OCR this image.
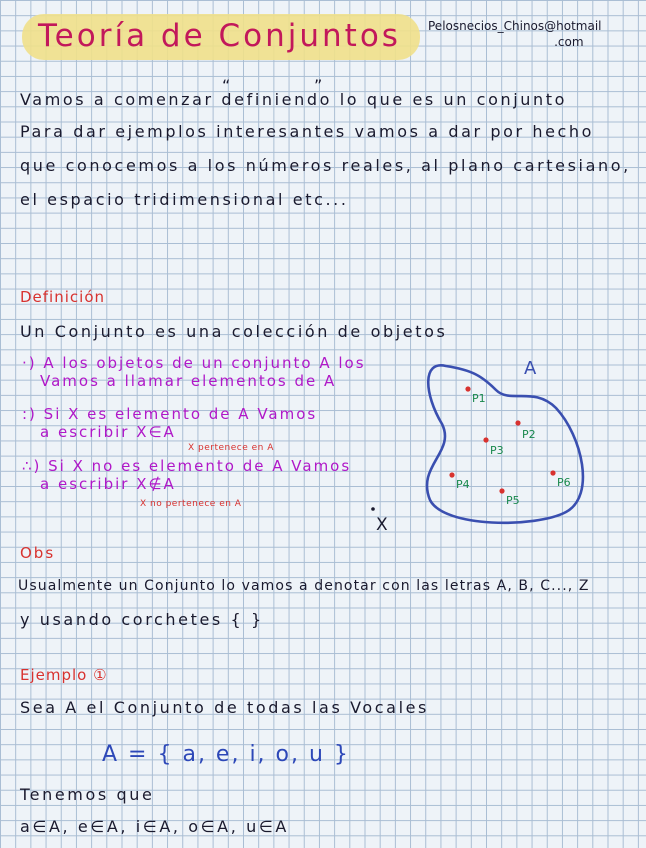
Teoría de Conjuntos Pelosnecios_Chinos@hotmail
.com
“	”
Vamos a comenzar definiendo lo que es un conjunto
Para dar ejemplos interesantes vamos a dar por hecho
que conocemos a los números reales, al plano cartesiano,
el espacio tridimensional etc...
Definición
Un Conjunto es una colección de objetos
·) A los objetos de un conjunto A los
Vamos a llamar elementos de A
:) Si X es elemento de A Vamos
a escribir X∈A
X pertenece en A
∴) Si X no es elemento de A Vamos
a escribir X∉A
X no pertenece en A
A
P1
P2
P3
P4
P5
P6
X
Obs
Usualmente un Conjunto lo vamos a denotar con las letras A, B, C..., Z
y usando corchetes { }
Ejemplo ①
Sea A el Conjunto de todas las Vocales
A = { a, e, i, o, u }
Tenemos que
a∈A, e∈A, i∈A, o∈A, u∈A
